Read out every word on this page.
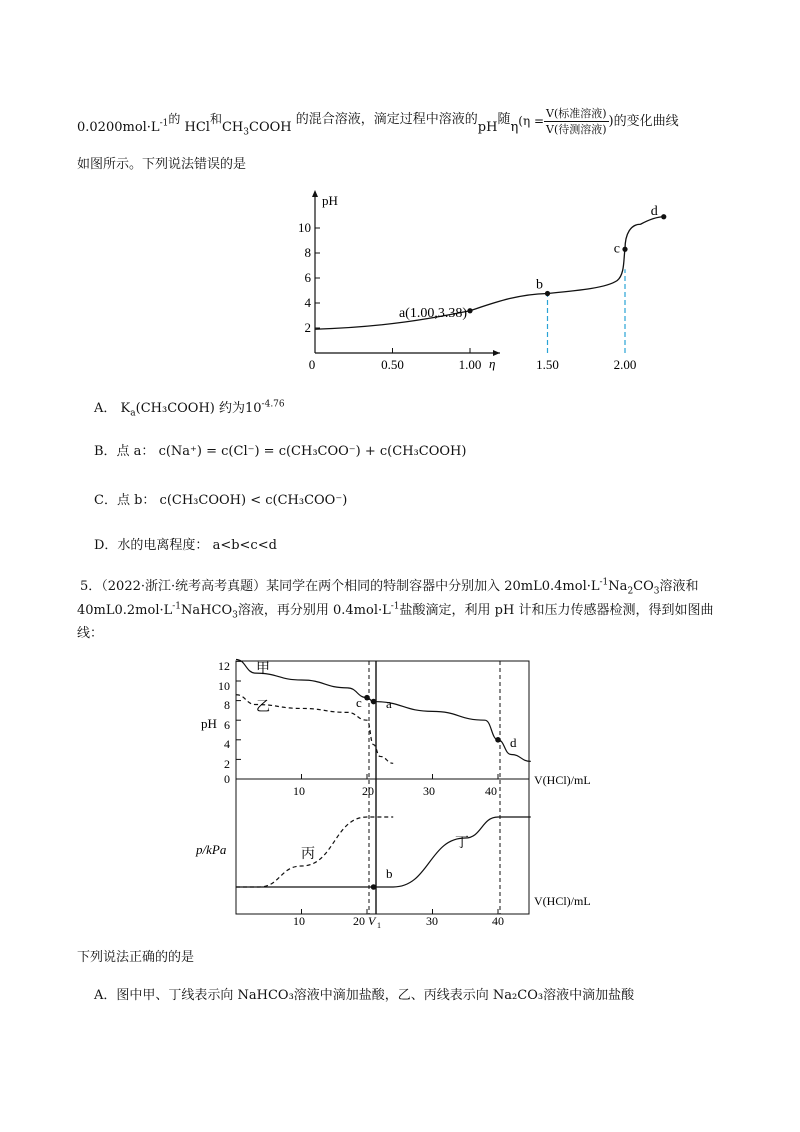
$0.0200mol\cdot L^{-1}$的 HCl和$CH_3COOH$ 的混合溶液，滴定过程中溶液的pH随$\eta(\eta = \frac{\text{V(标准溶液)}}{\text{V(待测溶液)}}$ )的变化曲线
如图所示。下列说法错误的是
pH
η
2
4
6
8
10
0	0.50	1.00	1.50	2.00
a(1.00,3.38)
b
c
d
A． $K_a(CH_3COOH)$ 约为$10^{-4.76}$
B．点 a： c(Na⁺) = c(Cl⁻) = c(CH₃COO⁻) + c(CH₃COOH)
C．点 b： c(CH₃COOH) < c(CH₃COO⁻)
D．水的电离程度： a<b<c<d
5．（2022·浙江·统考高考真题）某同学在两个相同的特制容器中分别加入 $20mL0.4mol\cdot L^{-1}Na_2CO_3$溶液和
$40mL0.2mol\cdot L^{-1}NaHCO_3$溶液，再分别用 $0.4mol\cdot L^{-1}$盐酸滴定，利用 pH 计和压力传感器检测，得到如图曲
线：
甲
乙
丙
丁
pH
p/kPa
V(HCl)/mL
V(HCl)/mL
c a
d
b
10	20	30	40
10	20 V 1	30	40
0
2
4
6
8
10
12
下列说法正确的的是
A．图中甲、丁线表示向 NaHCO₃溶液中滴加盐酸，乙、丙线表示向 Na₂CO₃溶液中滴加盐酸
